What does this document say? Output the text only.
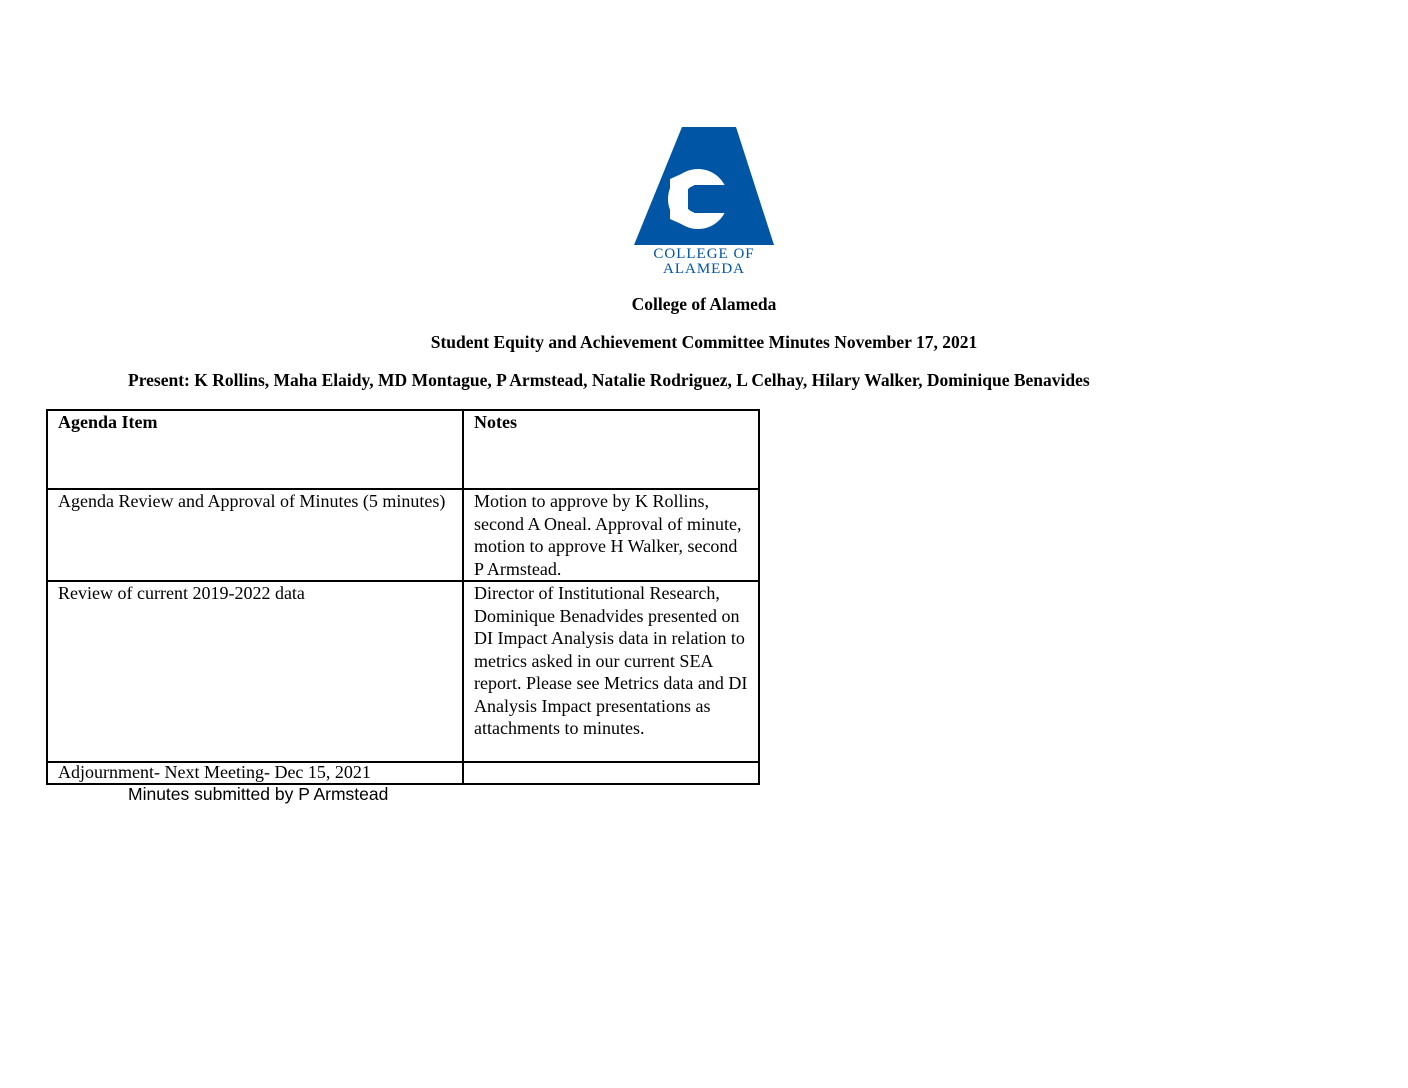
COLLEGE OF
ALAMEDA
College of Alameda
Student Equity and Achievement Committee Minutes November 17, 2021
Present: K Rollins, Maha Elaidy, MD Montague, P Armstead, Natalie Rodriguez, L Celhay, Hilary Walker, Dominique Benavides
Agenda Item	Notes
Agenda Review and Approval of Minutes (5 minutes)	Motion to approve by K Rollins, second A Oneal. Approval of minute, motion to approve H Walker, second P Armstead.
Review of current 2019-2022 data	Director of Institutional Research, Dominique Benadvides presented on DI Impact Analysis data in relation to metrics asked in our current SEA report. Please see Metrics data and DI Analysis Impact presentations as attachments to minutes.
Adjournment- Next Meeting- Dec 15, 2021	
Minutes submitted by P Armstead
